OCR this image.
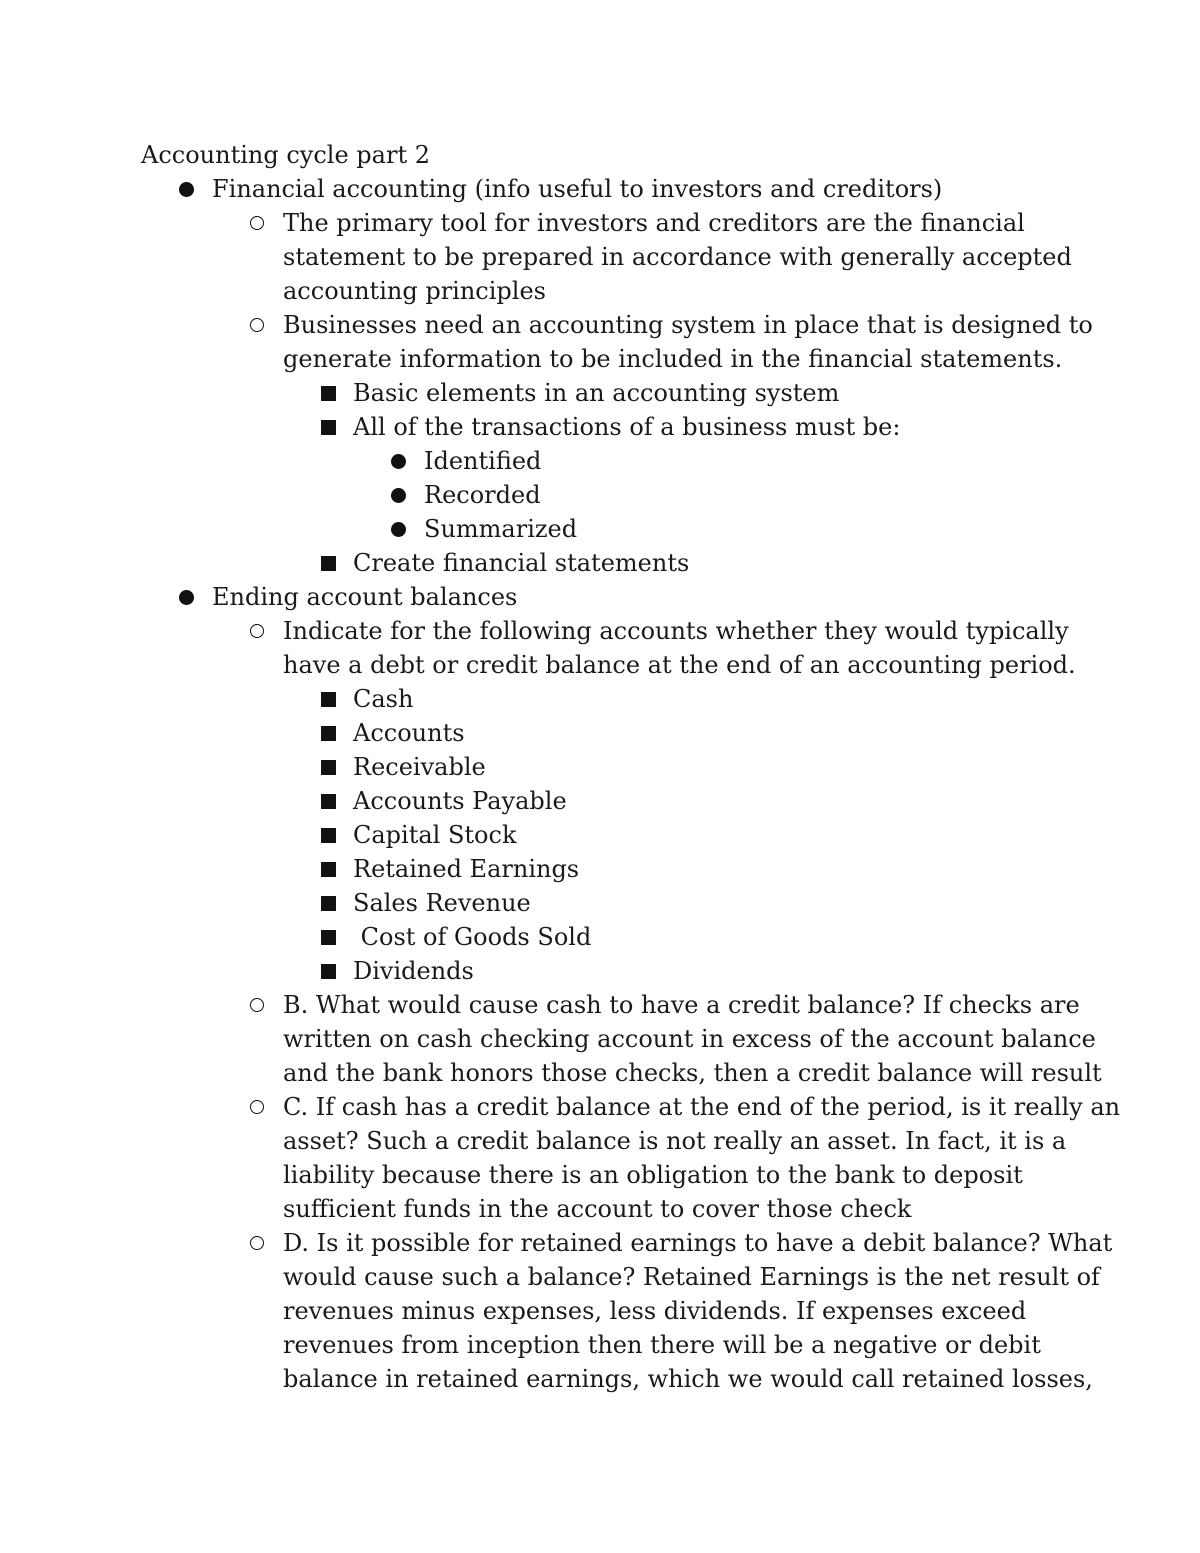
Accounting cycle part 2
Financial accounting (info useful to investors and creditors)
The primary tool for investors and creditors are the financial
statement to be prepared in accordance with generally accepted
accounting principles
Businesses need an accounting system in place that is designed to
generate information to be included in the financial statements.
Basic elements in an accounting system
All of the transactions of a business must be:
Identified
Recorded
Summarized
Create financial statements
Ending account balances
Indicate for the following accounts whether they would typically
have a debt or credit balance at the end of an accounting period.
Cash
Accounts
Receivable
Accounts Payable
Capital Stock
Retained Earnings
Sales Revenue
Cost of Goods Sold
Dividends
B. What would cause cash to have a credit balance? If checks are
written on cash checking account in excess of the account balance
and the bank honors those checks, then a credit balance will result
C. If cash has a credit balance at the end of the period, is it really an
asset? Such a credit balance is not really an asset. In fact, it is a
liability because there is an obligation to the bank to deposit
sufficient funds in the account to cover those check
D. Is it possible for retained earnings to have a debit balance? What
would cause such a balance? Retained Earnings is the net result of
revenues minus expenses, less dividends. If expenses exceed
revenues from inception then there will be a negative or debit
balance in retained earnings, which we would call retained losses,
